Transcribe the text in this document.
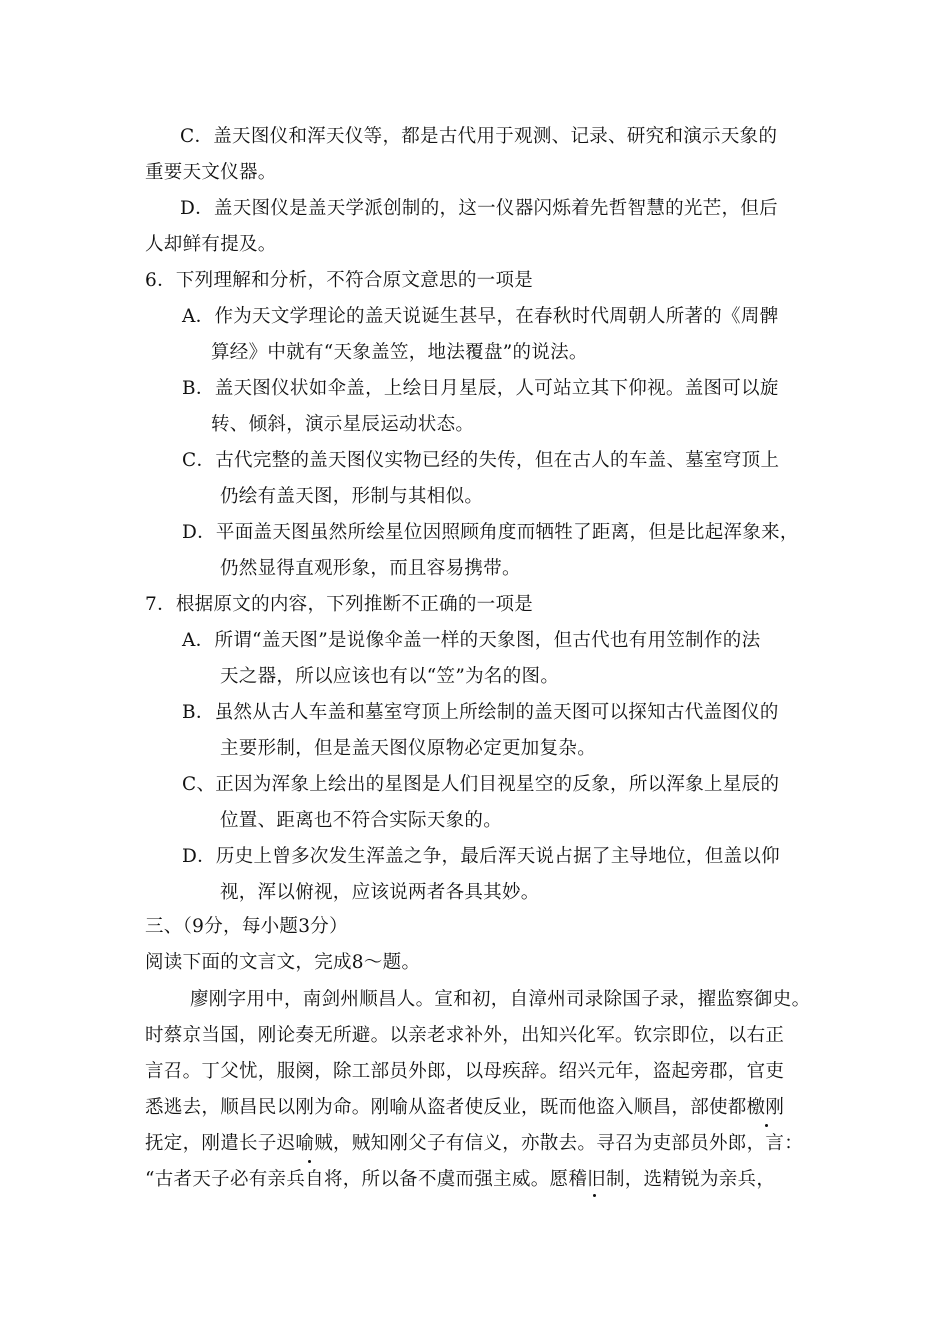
C．盖天图仪和浑天仪等，都是古代用于观测、记录、研究和演示天象的
重要天文仪器。
D．盖天图仪是盖天学派创制的，这一仪器闪烁着先哲智慧的光芒，但后
人却鲜有提及。
6．下列理解和分析，不符合原文意思的一项是
A．作为天文学理论的盖天说诞生甚早，在春秋时代周朝人所著的《周髀
算经》中就有“天象盖笠，地法覆盘”的说法。
B．盖天图仪状如伞盖，上绘日月星辰，人可站立其下仰视。盖图可以旋
转、倾斜，演示星辰运动状态。
C．古代完整的盖天图仪实物已经的失传，但在古人的车盖、墓室穹顶上
仍绘有盖天图，形制与其相似。
D．平面盖天图虽然所绘星位因照顾角度而牺牲了距离，但是比起浑象来，
仍然显得直观形象，而且容易携带。
7．根据原文的内容，下列推断不正确的一项是
A．所谓“盖天图”是说像伞盖一样的天象图，但古代也有用笠制作的法
天之器，所以应该也有以“笠”为名的图。
B．虽然从古人车盖和墓室穹顶上所绘制的盖天图可以探知古代盖图仪的
主要形制，但是盖天图仪原物必定更加复杂。
C、正因为浑象上绘出的星图是人们目视星空的反象，所以浑象上星辰的
位置、距离也不符合实际天象的。
D．历史上曾多次发生浑盖之争，最后浑天说占据了主导地位，但盖以仰
视，浑以俯视，应该说两者各具其妙。
三、（9分，每小题3分）
阅读下面的文言文，完成8～题。
廖刚字用中，南剑州顺昌人。宣和初，自漳州司录除国子录，擢监察御史。
时蔡京当国，刚论奏无所避。以亲老求补外，出知兴化军。钦宗即位，以右正
言召。丁父忧，服阕，除工部员外郎，以母疾辞。绍兴元年，盗起旁郡，官吏
悉逃去，顺昌民以刚为命。刚喻从盗者使反业，既而他盗入顺昌，部使都檄刚
抚定，刚遣长子迟喻贼，贼知刚父子有信义，亦散去。寻召为吏部员外郎，言：
“古者天子必有亲兵自将，所以备不虞而强主威。愿稽旧制，选精锐为亲兵，
